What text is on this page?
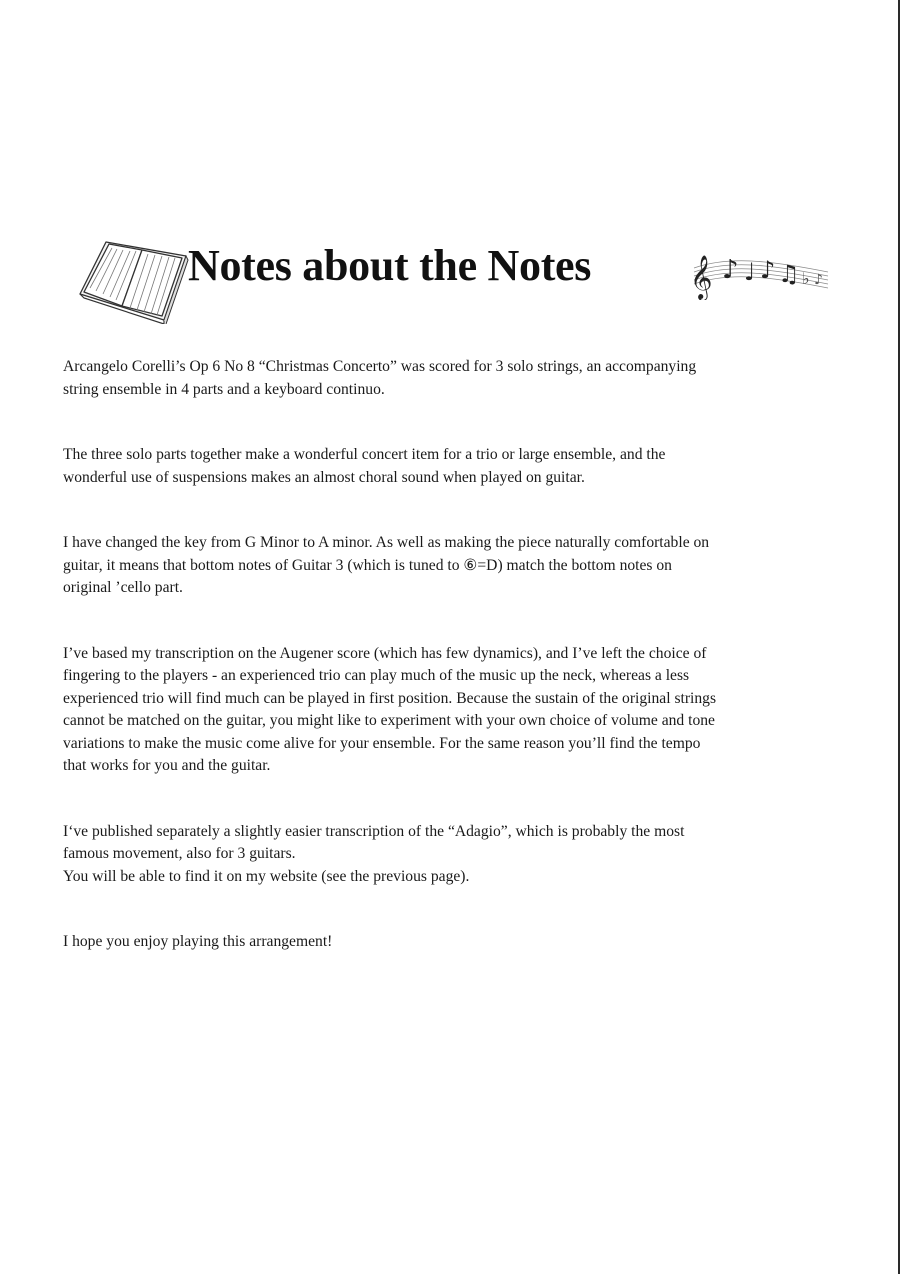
Notes about the Notes	𝄞 ♪ ♩ ♪ ♫ ♭ ♪

Arcangelo Corelli’s Op 6 No 8 “Christmas Concerto” was scored for 3 solo strings, an accompanying
string ensemble in 4 parts and a keyboard continuo.

The three solo parts together make a wonderful concert item for a trio or large ensemble, and the
wonderful use of suspensions makes an almost choral sound when played on guitar.

I have changed the key from G Minor to A minor. As well as making the piece naturally comfortable on
guitar, it means that bottom notes of Guitar 3 (which is tuned to ⑥=D) match the bottom notes on
original ’cello part.

I’ve based my transcription on the Augener score (which has few dynamics), and I’ve left the choice of
fingering to the players - an experienced trio can play much of the music up the neck, whereas a less
experienced trio will find much can be played in first position. Because the sustain of the original strings
cannot be matched on the guitar, you might like to experiment with your own choice of volume and tone
variations to make the music come alive for your ensemble. For the same reason you’ll find the tempo
that works for you and the guitar.

I‘ve published separately a slightly easier transcription of the “Adagio”, which is probably the most
famous movement, also for 3 guitars.
You will be able to find it on my website (see the previous page).

I hope you enjoy playing this arrangement!
